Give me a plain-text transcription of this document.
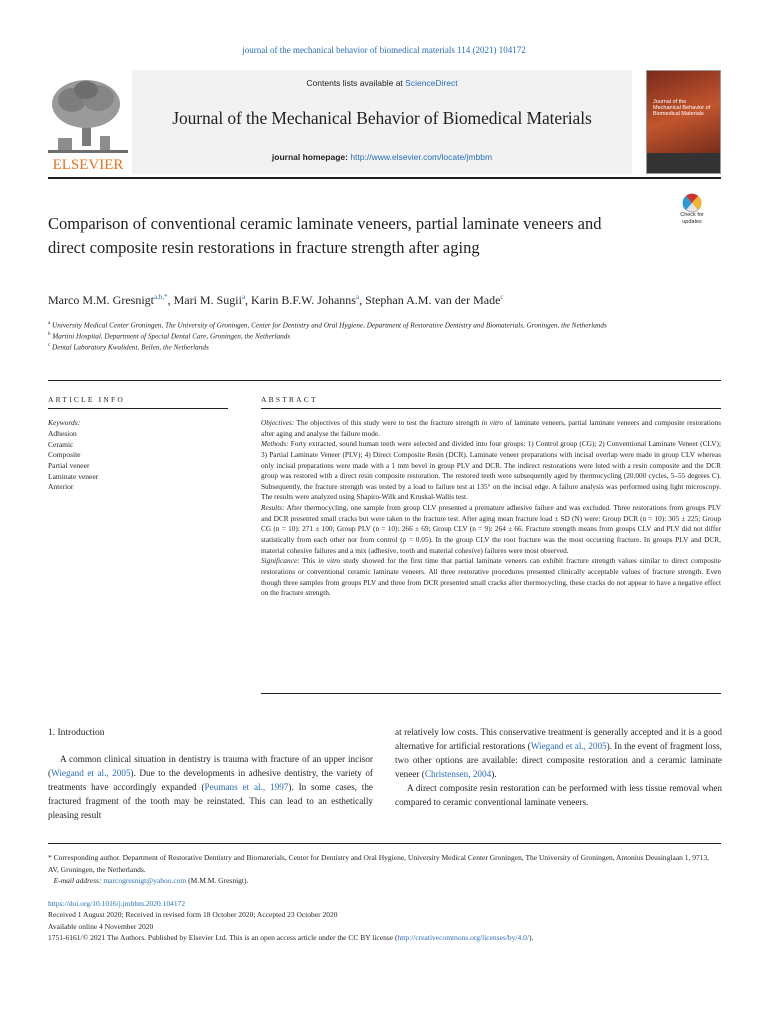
journal of the mechanical behavior of biomedical materials 114 (2021) 104172
ELSEVIER
Contents lists available at ScienceDirect
Journal of the Mechanical Behavior of Biomedical Materials
journal homepage: http://www.elsevier.com/locate/jmbbm
Journal of the Mechanical Behavior of Biomedical Materials
Comparison of conventional ceramic laminate veneers, partial laminate veneers and direct composite resin restorations in fracture strength after aging
Check for
updates
Marco M.M. Gresnigt$^{a,b,*}$, Mari M. Sugii$^a$, Karin B.F.W. Johanns$^a$, Stephan A.M. van der Made$^c$
$^a$ University Medical Center Groningen, The University of Groningen, Center for Dentistry and Oral Hygiene, Department of Restorative Dentistry and Biomaterials, Groningen, the Netherlands
$^b$ Martini Hospital, Department of Special Dental Care, Groningen, the Netherlands
$^c$ Dental Laboratory Kwalident, Beilen, the Netherlands
ARTICLE INFO
Keywords:
Adhesion
Ceramic
Composite
Partial veneer
Laminate veneer
Anterior
ABSTRACT

Objectives: The objectives of this study were to test the fracture strength in vitro of laminate veneers, partial laminate veneers and composite restorations after aging and analyse the failure mode.

Methods: Forty extracted, sound human teeth were selected and divided into four groups: 1) Control group (CG); 2) Conventional Laminate Veneer (CLV); 3) Partial Laminate Veneer (PLV); 4) Direct Composite Resin (DCR). Laminate veneer preparations with incisal overlap were made in group CLV whereas only incisal preparations were made with a 1 mm bevel in group PLV and DCR. The indirect restorations were luted with a resin composite and the DCR group was restored with a direct resin composite restoration. The restored teeth were subsequently aged by thermocycling (20.000 cycles, 5–55 degrees C). Subsequently, the fracture strength was tested by a load to failure test at 135° on the incisal edge. A failure analysis was performed using light microscopy. The results were analyzed using Shapiro-Wilk and Kruskal-Wallis test.

Results: After thermocycling, one sample from group CLV presented a premature adhesive failure and was excluded. Three restorations from groups PLV and DCR presented small cracks but were taken to the fracture test. After aging mean fracture load ± SD (N) were: Group DCR (n = 10): 305 ± 225; Group CG (n = 10): 271 ± 100; Group PLV (n = 10): 266 ± 69; Group CLV (n = 9): 264 ± 66. Fracture strength means from groups CLV and PLV did not differ statistically from each other nor from control (p = 0.05). In the group CLV the root fracture was the most occurring fracture. In groups PLV and DCR, material cohesive failures and a mix (adhesive, tooth and material cohesive) failures were most observed.

Significance: This in vitro study showed for the first time that partial laminate veneers can exhibit fracture strength values similar to direct composite restorations or conventional ceramic laminate veneers. All three restorative procedures presented clinically acceptable values of fracture strength. Even though three samples from groups PLV and three from DCR presented small cracks after thermocycling, these cracks do not appear to have a negative effect on the fracture strength.

1. Introduction
A common clinical situation in dentistry is trauma with fracture of an upper incisor (Wiegand et al., 2005). Due to the developments in adhesive dentistry, the variety of treatments have accordingly expanded (Peumans et al., 1997). In some cases, the fractured fragment of the tooth may be reinstated. This can lead to an esthetically pleasing result
at relatively low costs. This conservative treatment is generally accepted and it is a good alternative for artificial restorations (Wiegand et al., 2005). In the event of fragment loss, two other options are available: direct composite restoration and a ceramic laminate veneer (Christensen, 2004).
A direct composite resin restoration can be performed with less tissue removal when compared to ceramic conventional laminate veneers.
* Corresponding author. Department of Restorative Dentistry and Biomaterials, Center for Dentistry and Oral Hygiene, University Medical Center Groningen, The University of Groningen, Antonius Deusinglaan 1, 9713, AV, Groningen, the Netherlands.
E-mail address: marcogresnigt@yahoo.com (M.M.M. Gresnigt).
https://doi.org/10.1016/j.jmbbm.2020.104172
Received 1 August 2020; Received in revised form 18 October 2020; Accepted 23 October 2020
Available online 4 November 2020
1751-6161/© 2021 The Authors. Published by Elsevier Ltd. This is an open access article under the CC BY license (http://creativecommons.org/licenses/by/4.0/).
